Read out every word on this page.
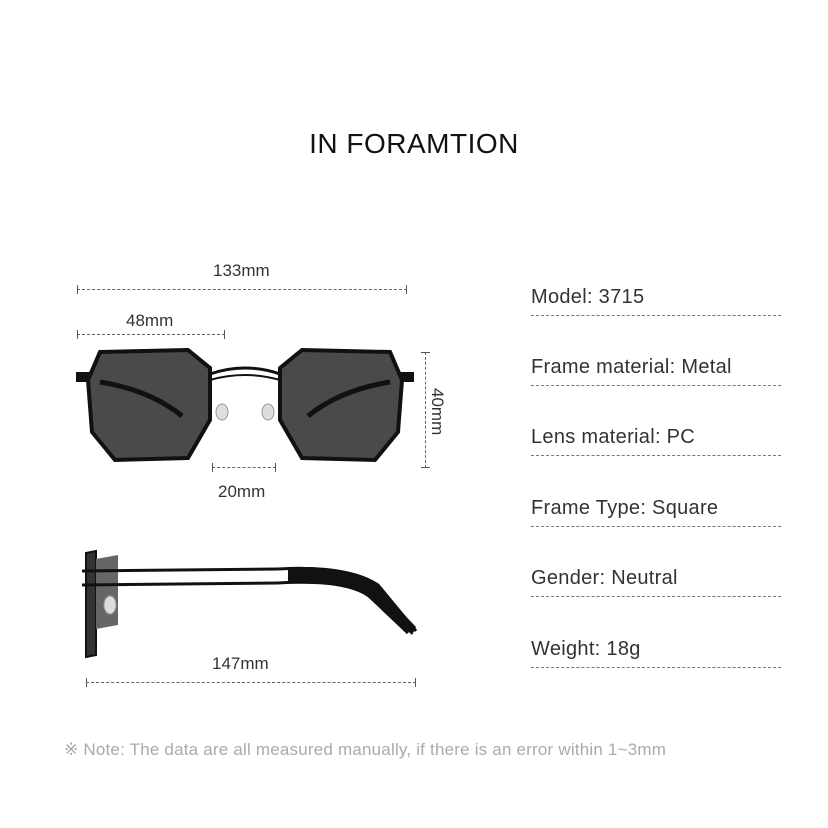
IN FORAMTION
133mm
48mm
40mm
20mm
147mm
Model: 3715
Frame material: Metal
Lens material: PC
Frame Type: Square
Gender: Neutral
Weight: 18g
※ Note: The data are all measured manually, if there is an error within 1~3mm
